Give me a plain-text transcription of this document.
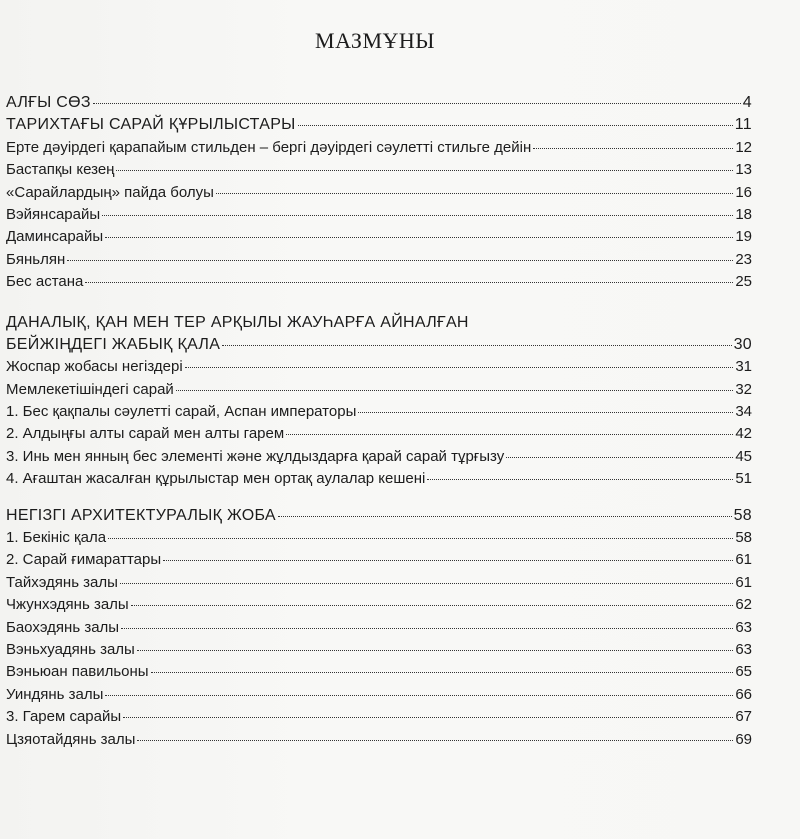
МАЗМҰНЫ
АЛҒЫ СӨЗ	4
ТАРИХТАҒЫ САРАЙ ҚҰРЫЛЫСТАРЫ	11
Ерте дәуірдегі қарапайым стильден – бергі дәуірдегі сәулетті стильге дейін	12
Бастапқы кезең	13
«Сарайлардың» пайда болуы	16
Вэйянсарайы	18
Даминсарайы	19
Бяньлян	23
Бес астана	25
ДАНАЛЫҚ, ҚАН МЕН ТЕР АРҚЫЛЫ ЖАУҺАРҒА АЙНАЛҒАН
БЕЙЖІҢДЕГІ ЖАБЫҚ ҚАЛА	30
Жоспар жобасы негіздері	31
Мемлекетішіндегі сарай	32
1. Бес қақпалы сәулетті сарай, Аспан императоры	34
2. Алдыңғы алты сарай мен алты гарем	42
3. Инь мен янның бес элементі және жұлдыздарға қарай сарай тұрғызу	45
4. Ағаштан жасалған құрылыстар мен ортақ аулалар кешені	51
НЕГІЗГІ АРХИТЕКТУРАЛЫҚ ЖОБА	58
1. Бекініс қала	58
2. Сарай ғимараттары	61
Тайхэдянь залы	61
Чжунхэдянь залы	62
Баохэдянь залы	63
Вэньхуадянь залы	63
Вэньюан павильоны	65
Уиндянь залы	66
3. Гарем сарайы	67
Цзяотайдянь залы	69
